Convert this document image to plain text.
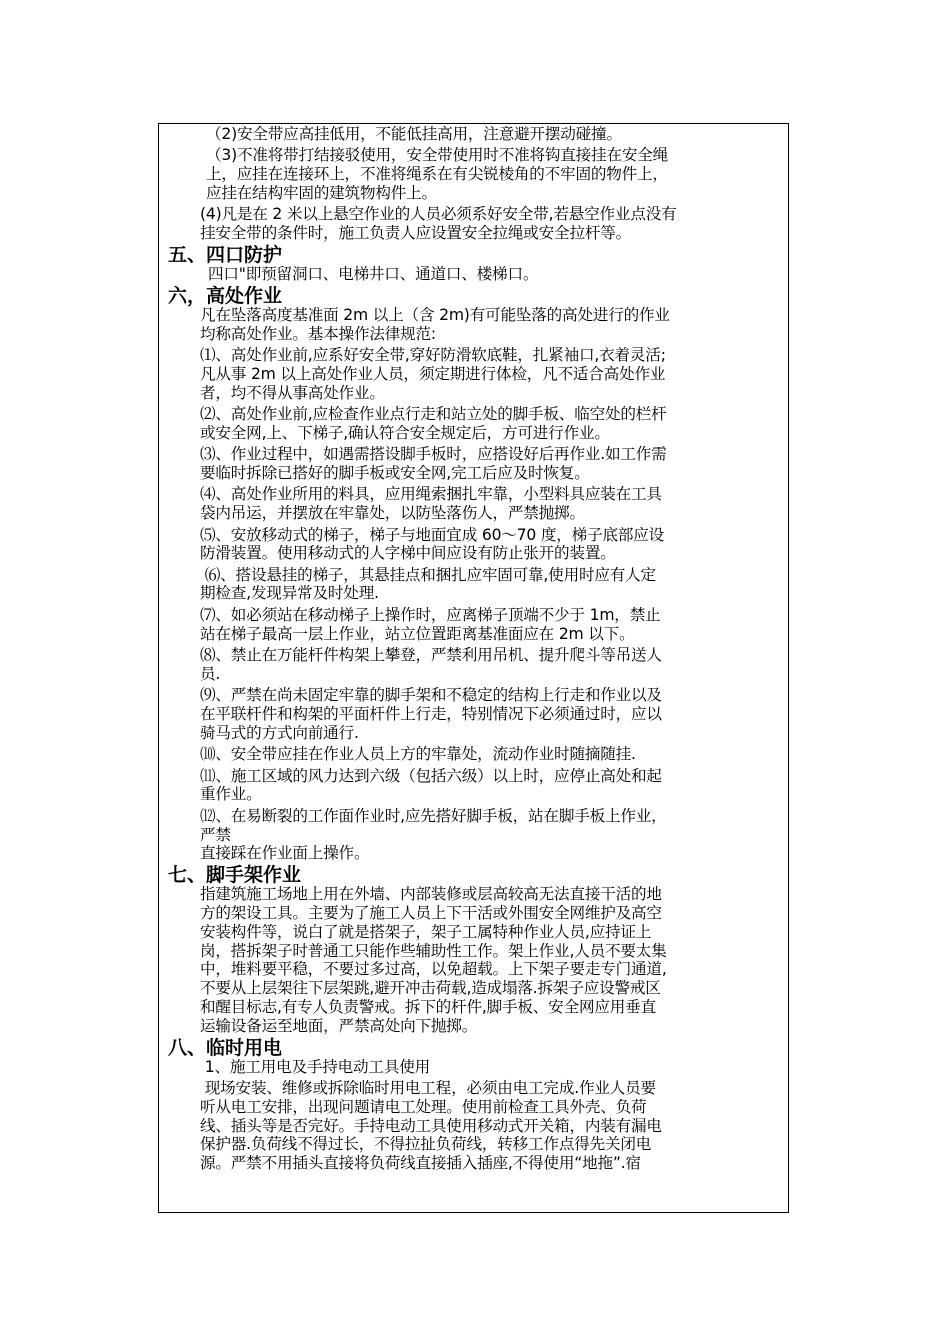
（2)安全带应高挂低用，不能低挂高用，注意避开摆动碰撞。
（3)不准将带打结接驳使用，安全带使用时不准将钩直接挂在安全绳
上，应挂在连接环上，不准将绳系在有尖锐棱角的不牢固的物件上，
应挂在结构牢固的建筑物构件上。
(4)凡是在 2 米以上悬空作业的人员必须系好安全带,若悬空作业点没有
挂安全带的条件时，施工负责人应设置安全拉绳或安全拉杆等。
五、四口防护
四口"即预留洞口、电梯井口、通道口、楼梯口。
六，高处作业
凡在坠落高度基准面 2m 以上（含 2m)有可能坠落的高处进行的作业
均称高处作业。基本操作法律规范:
⑴、高处作业前,应系好安全带,穿好防滑软底鞋，扎紧袖口,衣着灵活;
凡从事 2m 以上高处作业人员，须定期进行体检，凡不适合高处作业
者，均不得从事高处作业。
⑵、高处作业前,应检查作业点行走和站立处的脚手板、临空处的栏杆
或安全网,上、下梯子,确认符合安全规定后，方可进行作业。
⑶、作业过程中，如遇需搭设脚手板时，应搭设好后再作业.如工作需
要临时拆除已搭好的脚手板或安全网,完工后应及时恢复。
⑷、高处作业所用的料具，应用绳索捆扎牢靠，小型料具应装在工具
袋内吊运，并摆放在牢靠处，以防坠落伤人，严禁抛掷。
⑸、安放移动式的梯子，梯子与地面宜成 60～70 度，梯子底部应设
防滑装置。使用移动式的人字梯中间应设有防止张开的装置。
⑹、搭设悬挂的梯子，其悬挂点和捆扎应牢固可靠,使用时应有人定
期检查,发现异常及时处理.
⑺、如必须站在移动梯子上操作时，应离梯子顶端不少于 1m，禁止
站在梯子最高一层上作业，站立位置距离基准面应在 2m 以下。
⑻、禁止在万能杆件构架上攀登，严禁利用吊机、提升爬斗等吊送人
员.
⑼、严禁在尚未固定牢靠的脚手架和不稳定的结构上行走和作业以及
在平联杆件和构架的平面杆件上行走，特别情况下必须通过时，应以
骑马式的方式向前通行.
⑽、安全带应挂在作业人员上方的牢靠处，流动作业时随摘随挂.
⑾、施工区域的风力达到六级（包括六级）以上时，应停止高处和起
重作业。
⑿、在易断裂的工作面作业时,应先搭好脚手板，站在脚手板上作业，
严禁
直接踩在作业面上操作。
七、脚手架作业
指建筑施工场地上用在外墙、内部装修或层高较高无法直接干活的地
方的架设工具。主要为了施工人员上下干活或外围安全网维护及高空
安装构件等，说白了就是搭架子，架子工属特种作业人员,应持证上
岗，搭拆架子时普通工只能作些辅助性工作。架上作业,人员不要太集
中，堆料要平稳，不要过多过高，以免超载。上下架子要走专门通道,
不要从上层架往下层架跳,避开冲击荷载,造成塌落.拆架子应设警戒区
和醒目标志,有专人负责警戒。拆下的杆件,脚手板、安全网应用垂直
运输设备运至地面，严禁高处向下抛掷。
八、临时用电
1、施工用电及手持电动工具使用
现场安装、维修或拆除临时用电工程，必须由电工完成.作业人员要
听从电工安排，出现问题请电工处理。使用前检查工具外壳、负荷
线、插头等是否完好。手持电动工具使用移动式开关箱，内装有漏电
保护器.负荷线不得过长，不得拉扯负荷线，转移工作点得先关闭电
源。严禁不用插头直接将负荷线直接插入插座,不得使用“地拖”.宿
